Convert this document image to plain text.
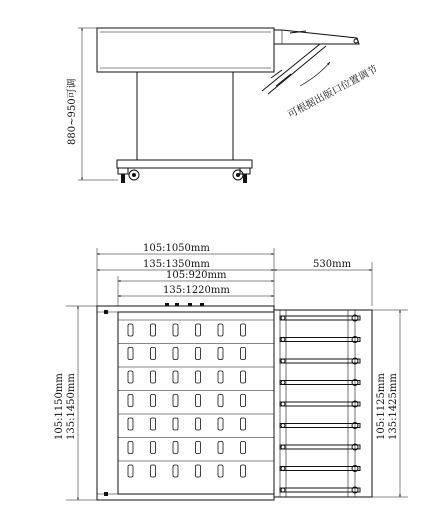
880~950可调	可根据出版口位置调节
105:1050mm
135:1350mm
105:920mm
135:1220mm
530mm
105:1150mm 135:1450mm	105:1125mm 135:1425mm
